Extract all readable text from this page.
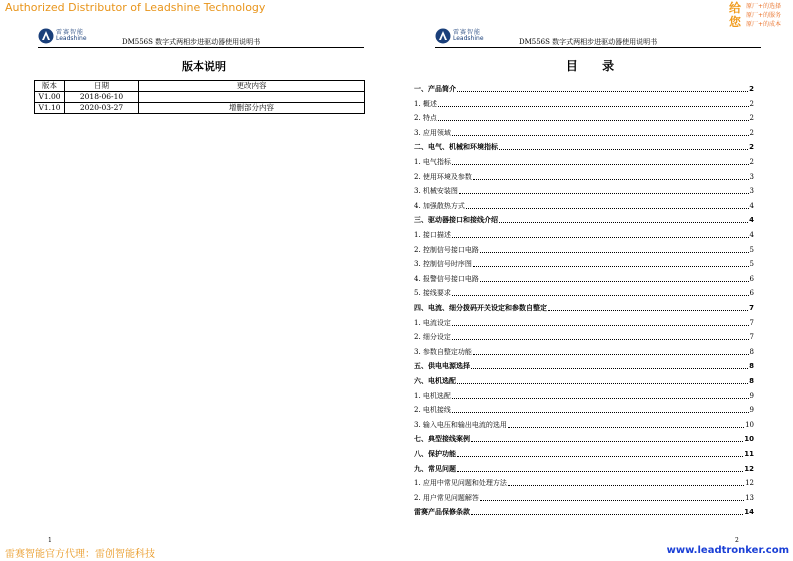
Authorized Distributor of Leadshine Technology	给
您
原厂+的选择
原厂+的服务
原厂+的成本
雷赛智能
Leadshine	DM556S 数字式两相步进驱动器使用说明书
版本说明
版本	日期	更改内容
V1.00	2018-06-10	
V1.10	2020-03-27	增删部分内容
1
雷赛智能
Leadshine	DM556S 数字式两相步进驱动器使用说明书
目 录
一、产品简介	2
1. 概述	2
2. 特点	2
3. 应用领域	2
二、电气、机械和环境指标	2
1. 电气指标	2
2. 使用环境及参数	3
3. 机械安装图	3
4. 加强散热方式	4
三、驱动器接口和接线介绍	4
1. 接口描述	4
2. 控制信号接口电路	5
3. 控制信号时序图	5
4. 报警信号接口电路	6
5. 接线要求	6
四、电流、细分拨码开关设定和参数自整定	7
1. 电流设定	7
2. 细分设定	7
3. 参数自整定功能	8
五、供电电源选择	8
六、电机选配	8
1. 电机选配	9
2. 电机接线	9
3. 输入电压和输出电流的选用	10
七、典型接线案例	10
八、保护功能	11
九、常见问题	12
1. 应用中常见问题和处理方法	12
2. 用户常见问题解答	13
雷赛产品保修条款	14
2
雷赛智能官方代理：雷创智能科技	www.leadtronker.com
